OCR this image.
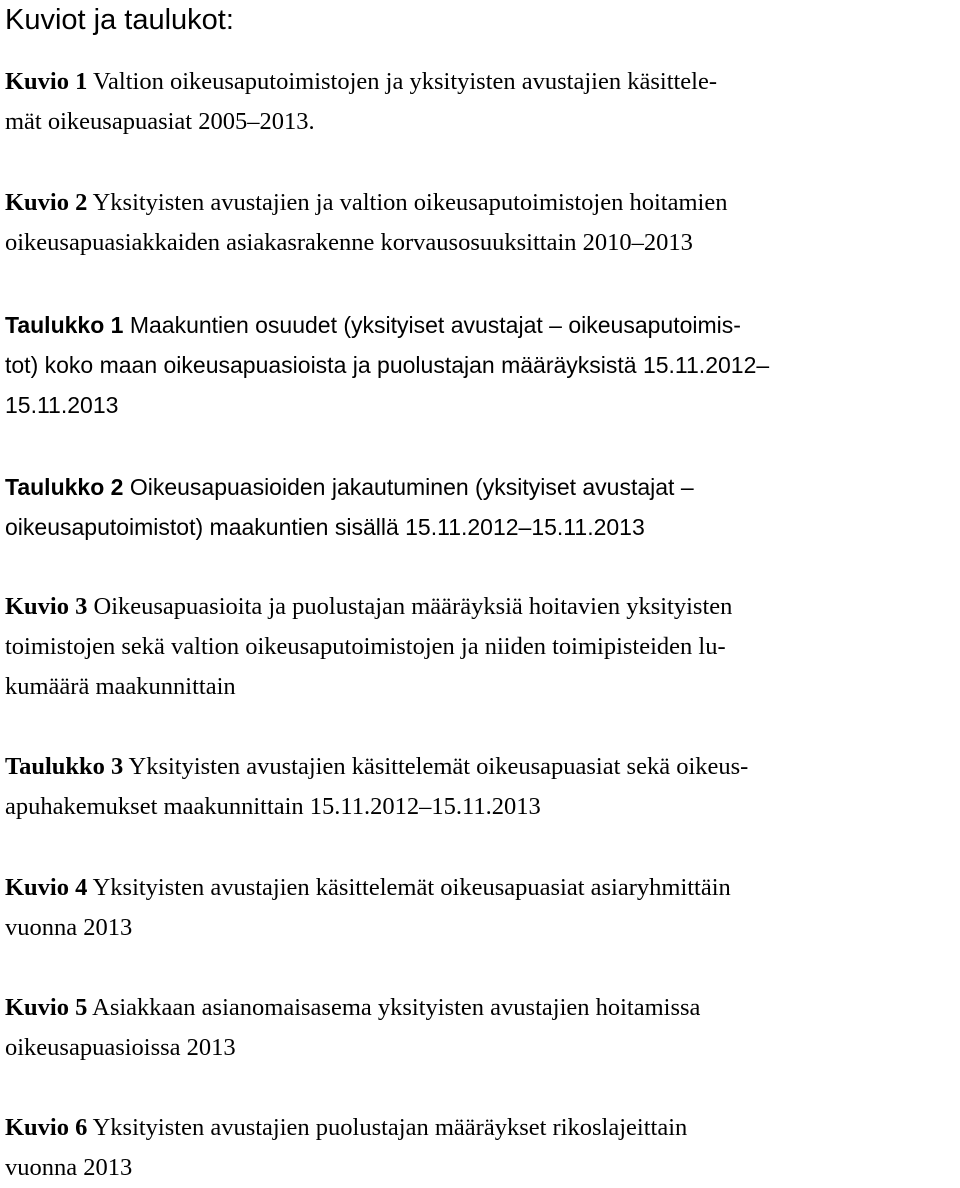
Kuviot ja taulukot:
Kuvio 1 Valtion oikeusaputoimistojen ja yksityisten avustajien käsittele-
mät oikeusapuasiat 2005–2013.
Kuvio 2 Yksityisten avustajien ja valtion oikeusaputoimistojen hoitamien
oikeusapuasiakkaiden asiakasrakenne korvausosuuksittain 2010–2013
Taulukko 1 Maakuntien osuudet (yksityiset avustajat – oikeusaputoimis-
tot) koko maan oikeusapuasioista ja puolustajan määräyksistä 15.11.2012–
15.11.2013
Taulukko 2 Oikeusapuasioiden jakautuminen (yksityiset avustajat –
oikeusaputoimistot) maakuntien sisällä 15.11.2012–15.11.2013
Kuvio 3 Oikeusapuasioita ja puolustajan määräyksiä hoitavien yksityisten
toimistojen sekä valtion oikeusaputoimistojen ja niiden toimipisteiden lu-
kumäärä maakunnittain
Taulukko 3 Yksityisten avustajien käsittelemät oikeusapuasiat sekä oikeus-
apuhakemukset maakunnittain 15.11.2012–15.11.2013
Kuvio 4 Yksityisten avustajien käsittelemät oikeusapuasiat asiaryhmittäin
vuonna 2013
Kuvio 5 Asiakkaan asianomaisasema yksityisten avustajien hoitamissa
oikeusapuasioissa 2013
Kuvio 6 Yksityisten avustajien puolustajan määräykset rikoslajeittain
vuonna 2013
